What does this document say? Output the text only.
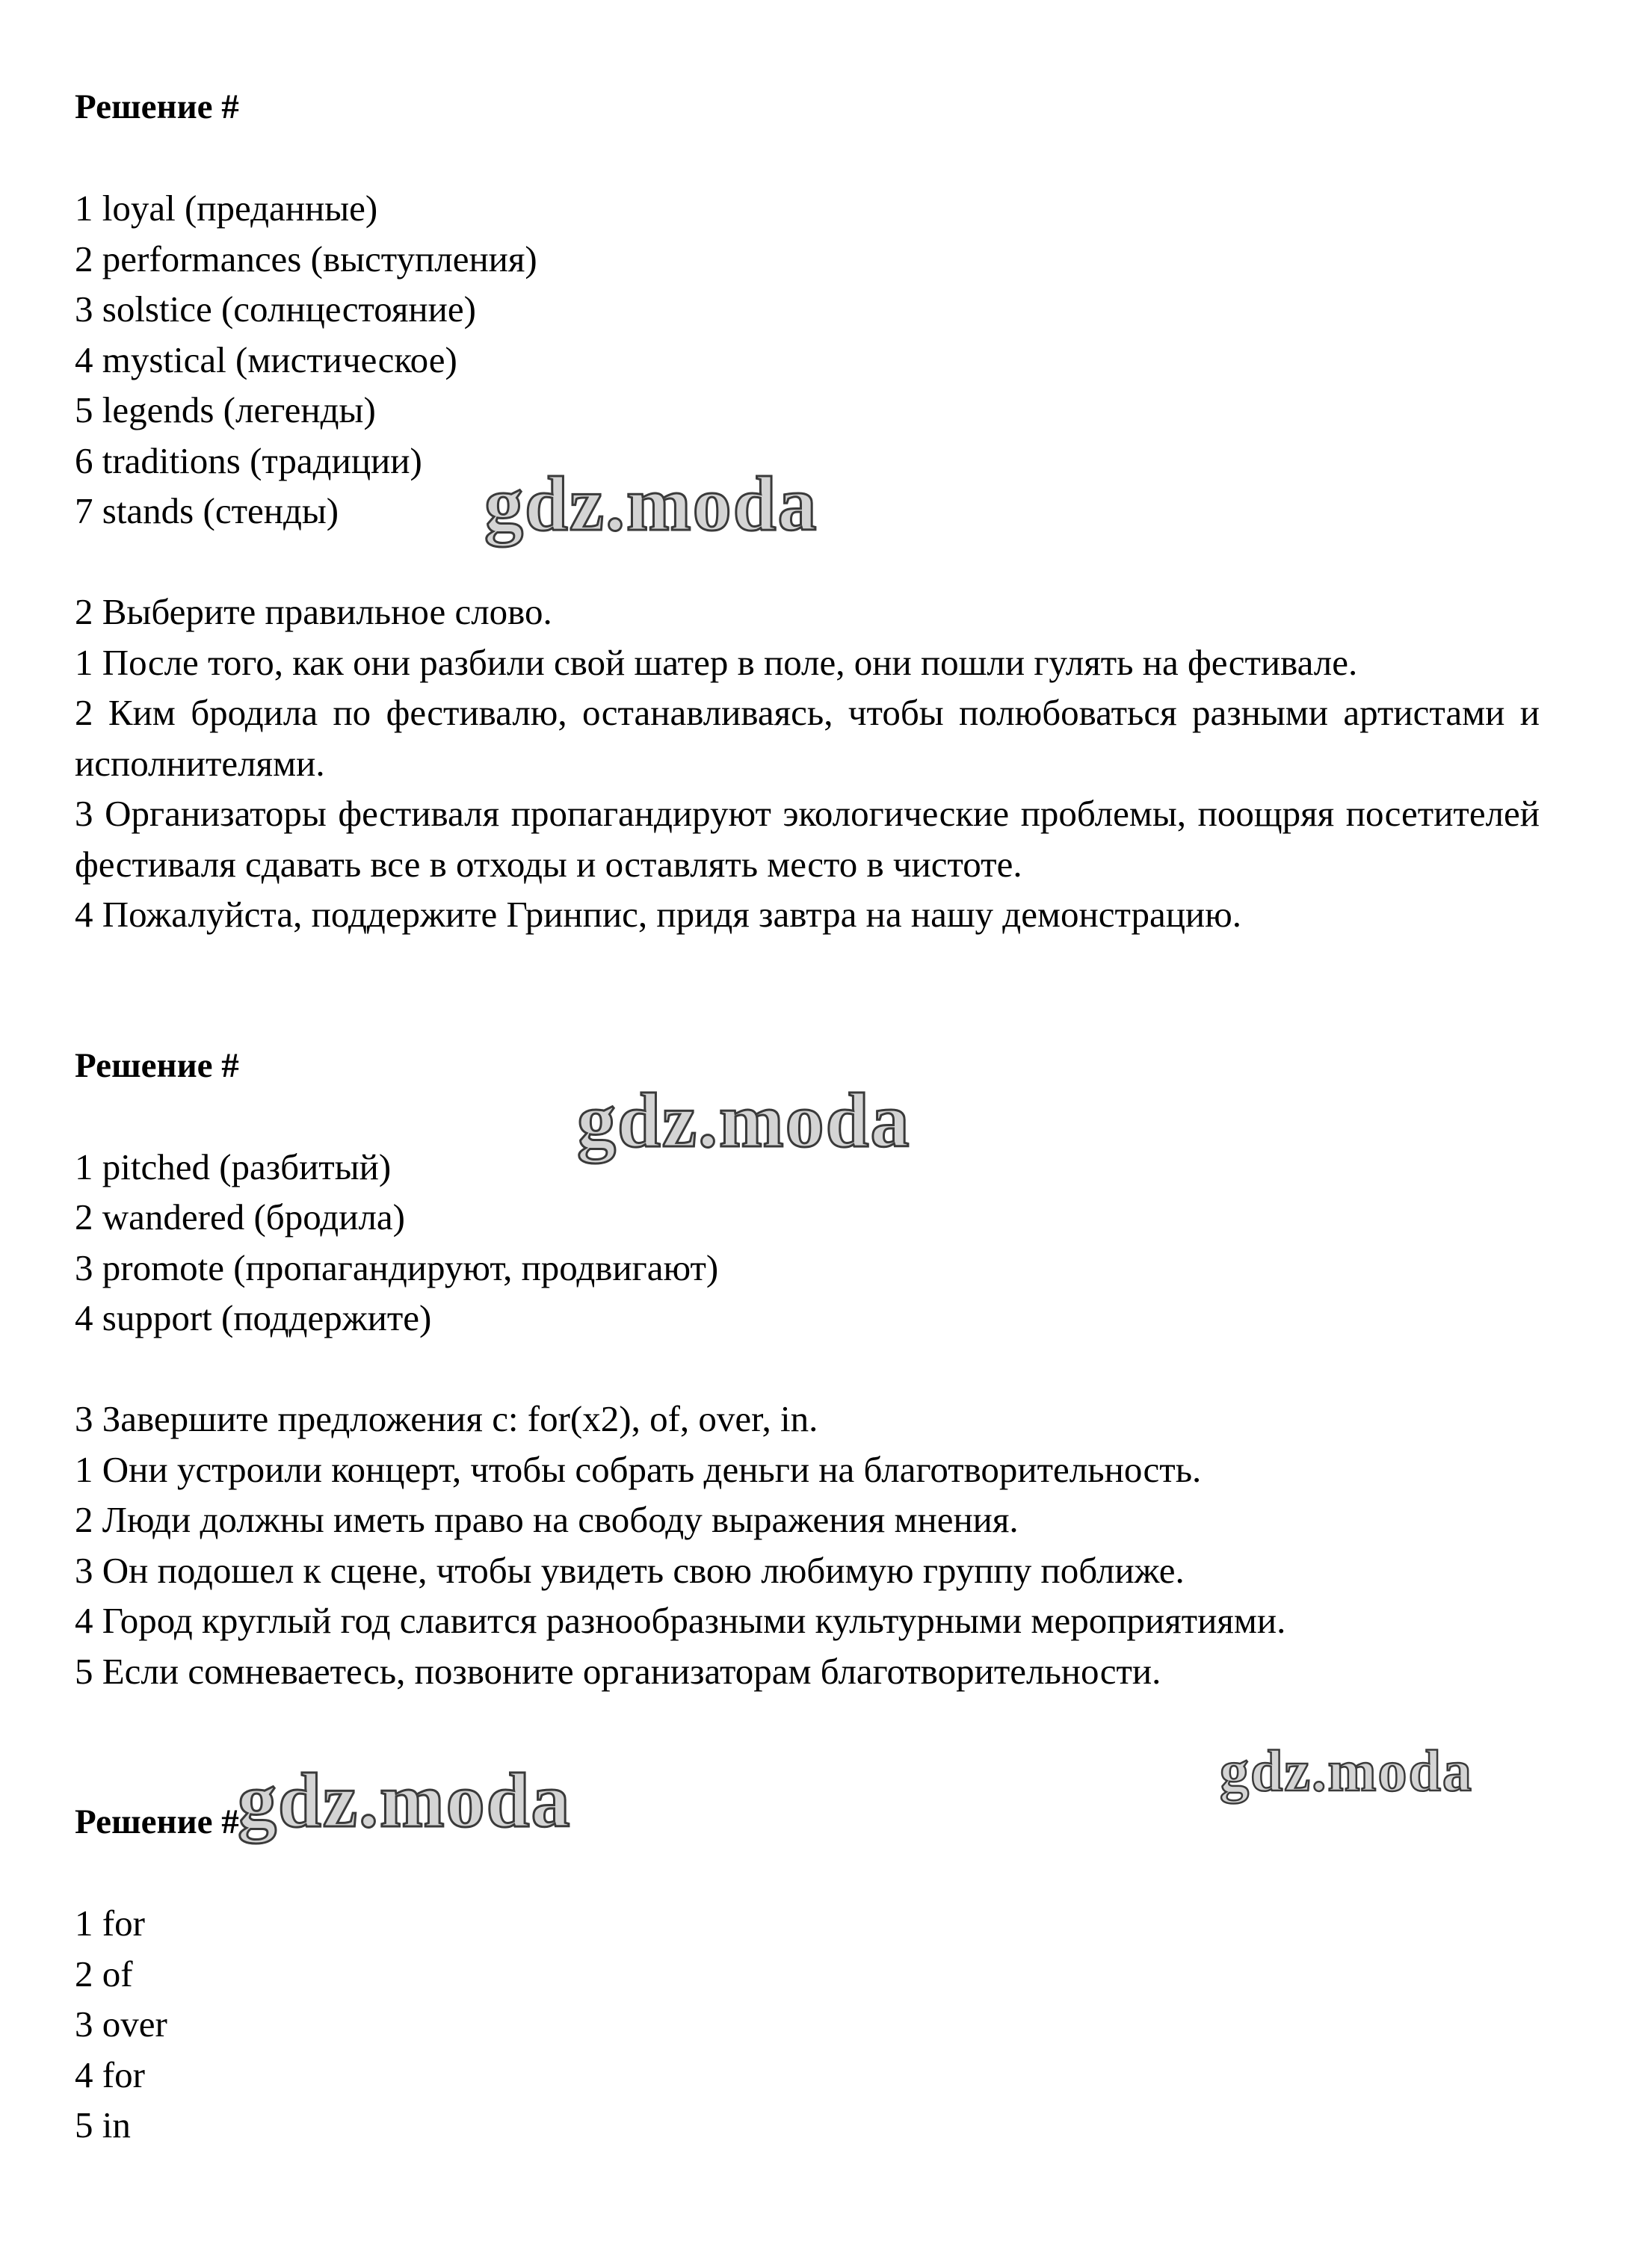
Решение #
1 loyal (преданные)
2 performances (выступления)
3 solstice (солнцестояние)
4 mystical (мистическое)
5 legends (легенды)
6 traditions (традиции)
7 stands (стенды)
2 Выберите правильное слово.
1 После того, как они разбили свой шатер в поле, они пошли гулять на фестивале.
2 Ким бродила по фестивалю, останавливаясь, чтобы полюбоваться разными артистами и исполнителями.
3 Организаторы фестиваля пропагандируют экологические проблемы, поощряя посетителей фестиваля сдавать все в отходы и оставлять место в чистоте.
4 Пожалуйста, поддержите Гринпис, придя завтра на нашу демонстрацию.
Решение #
1 pitched (разбитый)
2 wandered (бродила)
3 promote (пропагандируют, продвигают)
4 support (поддержите)
3 Завершите предложения с: for(x2), of, over, in.
1 Они устроили концерт, чтобы собрать деньги на благотворительность.
2 Люди должны иметь право на свободу выражения мнения.
3 Он подошел к сцене, чтобы увидеть свою любимую группу поближе.
4 Город круглый год славится разнообразными культурными мероприятиями.
5 Если сомневаетесь, позвоните организаторам благотворительности.
Решение #
1 for
2 of
3 over
4 for
5 in
gdz.moda
gdz.moda
gdz.moda	gdz.moda
